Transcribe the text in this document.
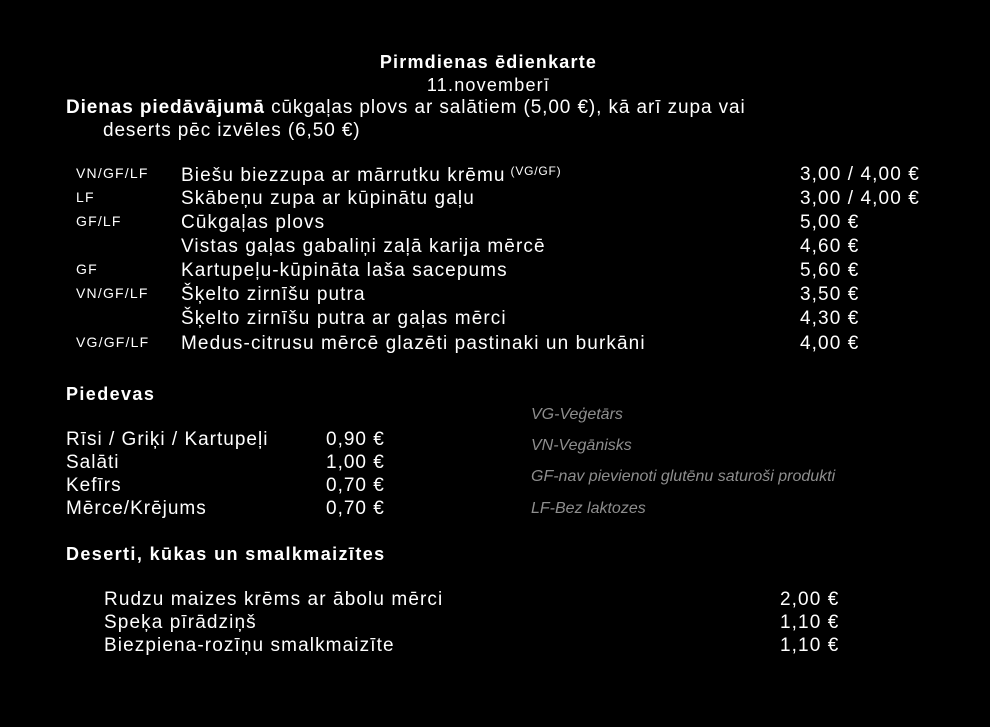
Pirmdienas ēdienkarte
11.novemberī
Dienas piedāvājumā cūkgaļas plovs ar salātiem (5,00 €), kā arī zupa vai
deserts pēc izvēles (6,50 €)
VN/GF/LF Biešu biezzupa ar mārrutku krēmu $^{(VG/GF)}$	3,00 / 4,00 €
LF	Skābeņu zupa ar kūpinātu gaļu	3,00 / 4,00 €
GF/LF	Cūkgaļas plovs	5,00 €
Vistas gaļas gabaliņi zaļā karija mērcē	4,60 €
GF	Kartupeļu-kūpināta laša sacepums	5,60 €
VN/GF/LF Šķelto zirnīšu putra	3,50 €
Šķelto zirnīšu putra ar gaļas mērci	4,30 €
VG/GF/LF Medus-citrusu mērcē glazēti pastinaki un burkāni	4,00 €
Piedevas
Rīsi / Griķi / Kartupeļi	0,90 €
Salāti	1,00 €
Kefīrs	0,70 €
Mērce/Krējums	0,70 €
VG-Veģetārs
VN-Vegānisks
GF-nav pievienoti glutēnu saturoši produkti
LF-Bez laktozes
Deserti, kūkas un smalkmaizītes
Rudzu maizes krēms ar ābolu mērci	2,00 €
Speķa pīrādziņš	1,10 €
Biezpiena-rozīņu smalkmaizīte	1,10 €
